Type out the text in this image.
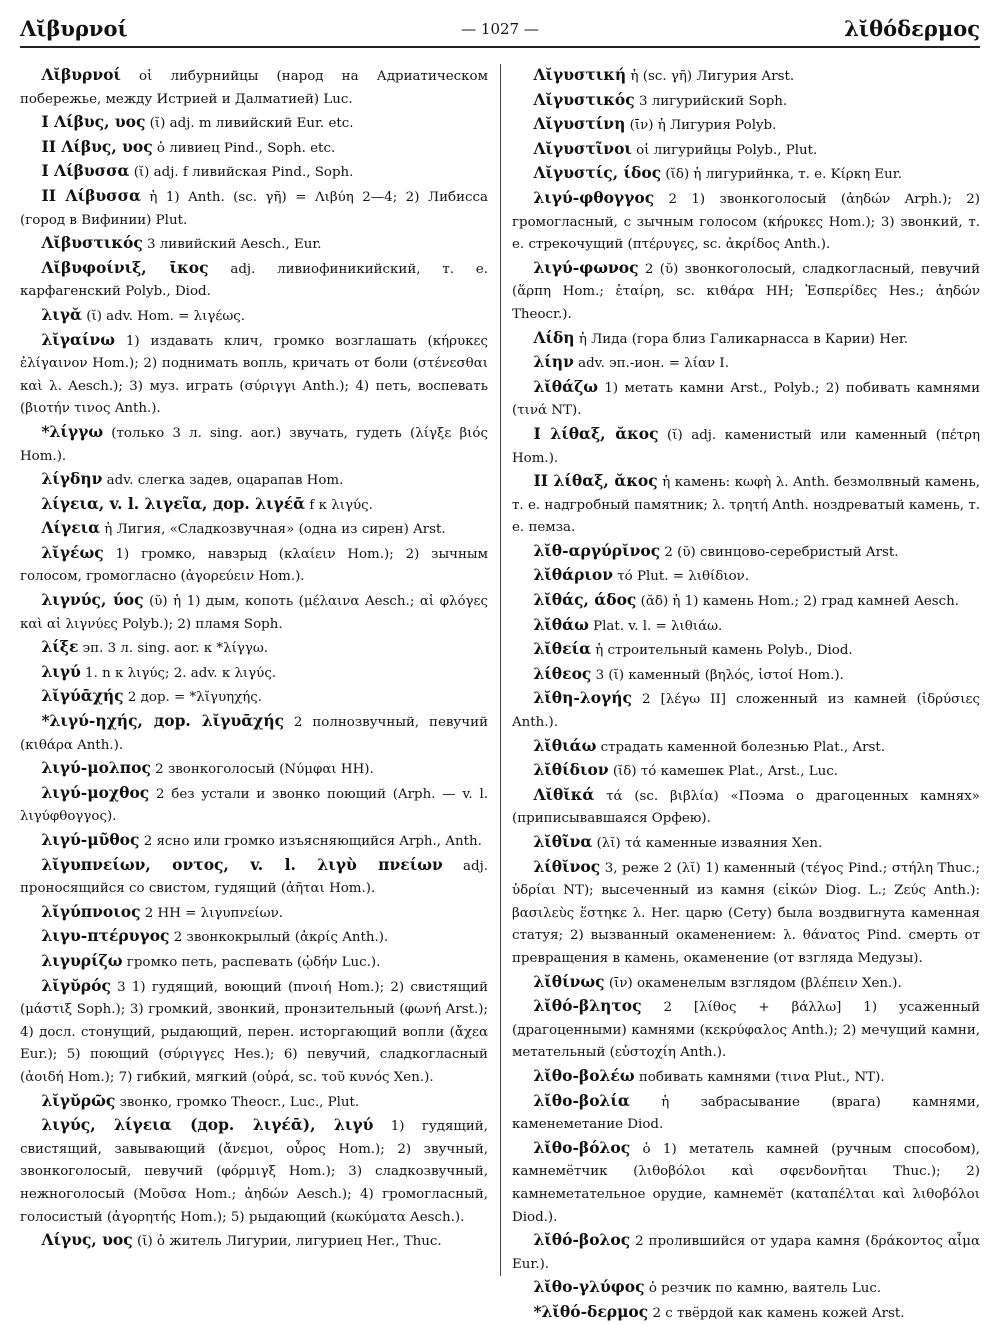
Λῐβυρνοί	— 1027 —	λῐθόδερμος

Λῐβυρνοί οἱ либурнийцы (народ на Адриатическом побережье, между Истрией и Далматией) Luc.

I Λίβυς, υος (ῐ) adj. m ливийский Eur. etc.

II Λίβυς, υος ὁ ливиец Pind., Soph. etc.

I Λίβυσσα (ῐ) adj. f ливийская Pind., Soph.

II Λίβυσσα ἡ 1) Anth. (sc. γῆ) = Λιβύη 2—4; 2) Либисса (город в Вифинии) Plut.

Λῐβυστικός 3 ливийский Aesch., Eur.

Λῐβυφοίνιξ, ῑκος adj. ливиофиникийский, т. е. карфагенский Polyb., Diod.

λιγᾰ (ῐ) adv. Hom. = λιγέως.

λῐγαίνω 1) издавать клич, громко возглашать (κήρυκες ἐλίγαινον Hom.); 2) поднимать вопль, кричать от боли (στένεσθαι καὶ λ. Aesch.); 3) муз. играть (σύριγγι Anth.); 4) петь, воспевать (βιοτήν τινος Anth.).

*λίγγω (только 3 л. sing. aor.) звучать, гудеть (λίγξε βιός Hom.).

λίγδην adv. слегка задев, оцарапав Hom.

λίγεια, v. l. λιγεῖα, дор. λιγέᾱ f к λιγύς.

Λίγεια ἡ Лигия, «Сладкозвучная» (одна из сирен) Arst.

λῐγέως 1) громко, навзрыд (κλαίειν Hom.); 2) зычным голосом, громогласно (ἀγορεύειν Hom.).

λιγνύς, ύος (ῠ) ἡ 1) дым, копоть (μέλαινα Aesch.; αἱ φλόγες καὶ αἱ λιγνύες Polyb.); 2) пламя Soph.

λίξε эп. 3 л. sing. aor. к *λίγγω.

λιγύ 1. n к λιγύς; 2. adv. к λιγύς.

λῐγύᾱχής 2 дор. = *λῐγυηχής.

*λιγύ-ηχής, дор. λῐγυᾱχής 2 полнозвучный, певучий (κιθάρα Anth.).

λιγύ-μολπος 2 звонкоголосый (Νύμφαι HH).

λιγύ-μοχθος 2 без устали и звонко поющий (Arph. — v. l. λιγύφθογγος).

λιγύ-μῦθος 2 ясно или громко изъясняющийся Arph., Anth.

λῐγυπνείων, οντος, v. l. λιγὺ πνείων adj. проносящийся со свистом, гудящий (ἀῆται Hom.).

λῐγύπνοιος 2 HH = λιγυπνείων.

λιγυ-πτέρυγος 2 звонкокрылый (ἀκρίς Anth.).

λιγυρίζω громко петь, распевать (ᾠδήν Luc.).

λῐγῠρός 3 1) гудящий, воющий (πνοιή Hom.); 2) свистящий (μάστιξ Soph.); 3) громкий, звонкий, пронзительный (φωνή Arst.); 4) досл. стонущий, рыдающий, перен. исторгающий вопли (ἄχεα Eur.); 5) поющий (σύριγγες Hes.); 6) певучий, сладкогласный (ἀοιδή Hom.); 7) гибкий, мягкий (οὐρά, sc. τοῦ κυνός Xen.).

λῐγῠρῶς звонко, громко Theocr., Luc., Plut.

λιγύς, λίγεια (дор. λιγέᾱ), λιγύ 1) гудящий, свистящий, завывающий (ἄνεμοι, οὖρος Hom.); 2) звучный, звонкоголосый, певучий (φόρμιγξ Hom.); 3) сладкозвучный, нежноголосый (Μοῦσα Hom.; ἀηδών Aesch.); 4) громогласный, голосистый (ἀγορητής Hom.); 5) рыдающий (κωκύματα Aesch.).

Λίγυς, υος (ῐ) ὁ житель Лигурии, лигуриец Her., Thuc.

Λῐγυστική ἡ (sc. γῆ) Лигурия Arst.

Λῐγυστικός 3 лигурийский Soph.

Λῐγυστίνη (ῑν) ἡ Лигурия Polyb.

Λῐγυστῖνοι οἱ лигурийцы Polyb., Plut.

Λῐγυστίς, ίδος (ῐδ) ἡ лигурийнка, т. е. Κίρκη Eur.

λιγύ-φθογγος 2 1) звонкоголосый (ἀηδών Arph.); 2) громогласный, с зычным голосом (κήρυκες Hom.); 3) звонкий, т. е. стрекочущий (πτέρυγες, sc. ἀκρίδος Anth.).

λιγύ-φωνος 2 (ῠ) звонкоголосый, сладкогласный, певучий (ἅρπη Hom.; ἑταίρη, sc. κιθάρα HH; Ἑσπερίδες Hes.; ἀηδών Theocr.).

Λίδη ἡ Лида (гора близ Галикарнасса в Карии) Her.

λίην adv. эп.-ион. = λίαν I.

λῐθάζω 1) метать камни Arst., Polyb.; 2) побивать камнями (τινά NT).

I λίθαξ, ᾰκος (ῐ) adj. каменистый или каменный (πέτρη Hom.).

II λίθαξ, ᾰκος ἡ камень: κωφὴ λ. Anth. безмолвный камень, т. е. надгробный памятник; λ. τρητή Anth. ноздреватый камень, т. е. пемза.

λῐθ-αργύρῐνος 2 (ῠ) свинцово-серебристый Arst.

λῐθάριον τό Plut. = λιθίδιον.

λῐθάς, άδος (ᾰδ) ἡ 1) камень Hom.; 2) град камней Aesch.

λῐθάω Plat. v. l. = λιθιάω.

λῐθεία ἡ строительный камень Polyb., Diod.

λίθεος 3 (ῐ) каменный (βηλός, ἱστοί Hom.).

λῐθη-λογής 2 [λέγω II] сложенный из камней (ἱδρύσιες Anth.).

λῐθιάω страдать каменной болезнью Plat., Arst.

λῐθίδιον (ῐδ) τό камешек Plat., Arst., Luc.

Λῐθῐκά τά (sc. βιβλία) «Поэма о драгоценных камнях» (приписывавшаяся Орфею).

λῐθῖνα (λῐ) τά каменные изваяния Xen.

λίθῐνος 3, реже 2 (λῐ) 1) каменный (τέγος Pind.; στήλη Thuc.; ὑδρίαι NT); высеченный из камня (εἰκών Diog. L.; Ζεύς Anth.): βασιλεὺς ἕστηκε λ. Her. царю (Сету) была воздвигнута каменная статуя; 2) вызванный окаменением: λ. θάνατος Pind. смерть от превращения в камень, окаменение (от взгляда Медузы).

λῐθίνως (ῑν) окаменелым взглядом (βλέπειν Xen.).

λῐθό-βλητος 2 [λίθος + βάλλω] 1) усаженный (драгоценными) камнями (κεκρύφαλος Anth.); 2) мечущий камни, метательный (εὐστοχίη Anth.).

λῐθο-βολέω побивать камнями (τινα Plut., NT).

λῐθο-βολία ἡ забрасывание (врага) камнями, каменеметание Diod.

λῐθο-βόλος ὁ 1) метатель камней (ручным способом), камнемётчик (λιθοβόλοι καὶ σφενδονῆται Thuc.); 2) камнеметательное орудие, камнемёт (καταπέλται καὶ λιθοβόλοι Diod.).

λῐθό-βολος 2 пролившийся от удара камня (δράκοντος αἷμα Eur.).

λῐθο-γλύφος ὁ резчик по камню, ваятель Luc.

*λῐθό-δερμος 2 с твёрдой как камень кожей Arst.
